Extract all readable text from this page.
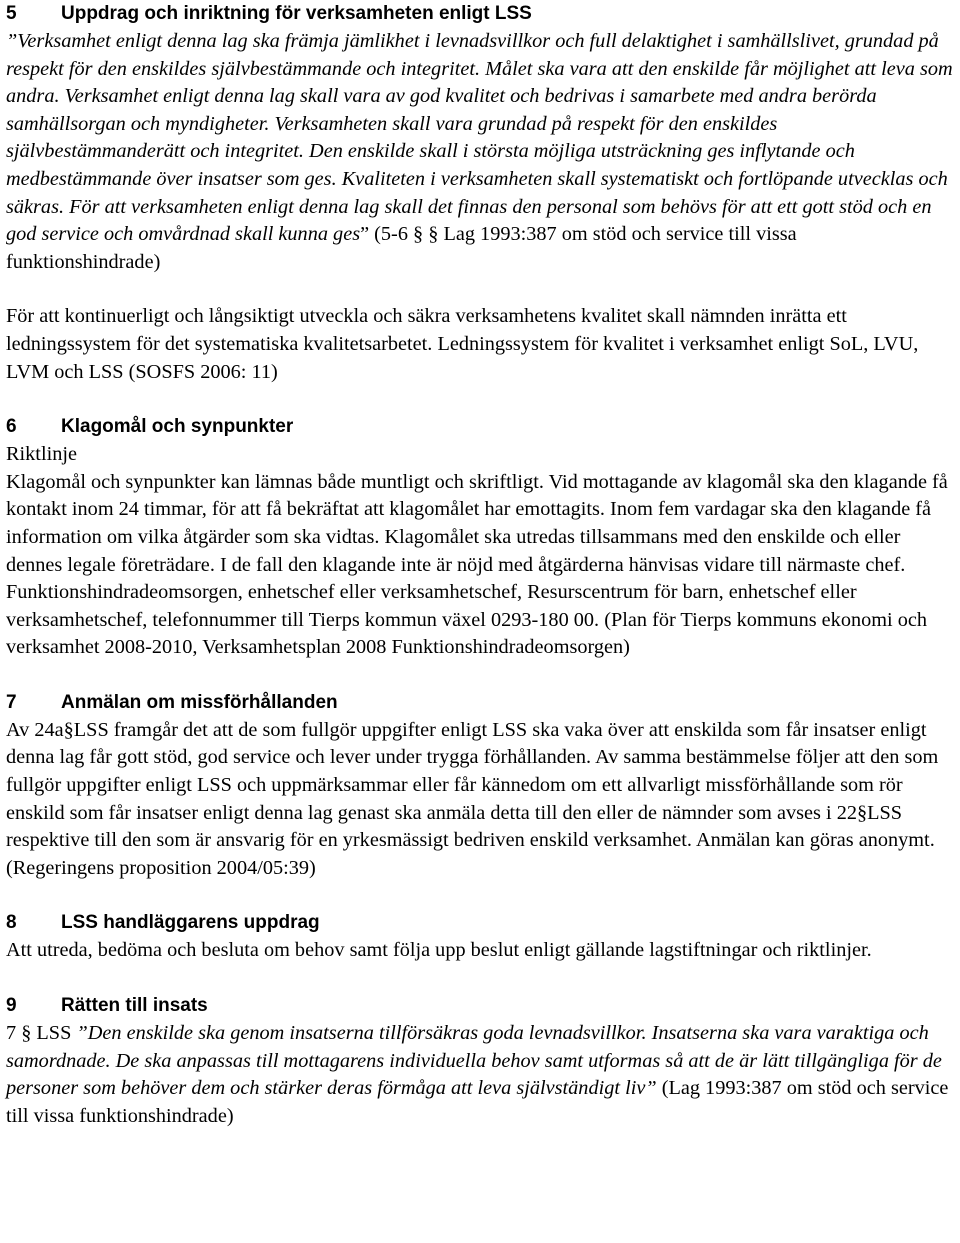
5 Uppdrag och inriktning för verksamheten enligt LSS

”Verksamhet enligt denna lag ska främja jämlikhet i levnadsvillkor och full delaktighet i samhällslivet, grundad på respekt för den enskildes självbestämmande och integritet. Målet ska vara att den enskilde får möjlighet att leva som andra. Verksamhet enligt denna lag skall vara av god kvalitet och bedrivas i samarbete med andra berörda samhällsorgan och myndigheter. Verksamheten skall vara grundad på respekt för den enskildes självbestämmanderätt och integritet. Den enskilde skall i största möjliga utsträckning ges inflytande och medbestämmande över insatser som ges. Kvaliteten i verksamheten skall systematiskt och fortlöpande utvecklas och säkras. För att verksamheten enligt denna lag skall det finnas den personal som behövs för att ett gott stöd och en god service och omvårdnad skall kunna ges” (5-6 § § Lag 1993:387 om stöd och service till vissa funktionshindrade)

För att kontinuerligt och långsiktigt utveckla och säkra verksamhetens kvalitet skall nämnden inrätta ett ledningssystem för det systematiska kvalitetsarbetet. Ledningssystem för kvalitet i verksamhet enligt SoL, LVU, LVM och LSS (SOSFS 2006: 11)

6 Klagomål och synpunkter

Riktlinje

Klagomål och synpunkter kan lämnas både muntligt och skriftligt. Vid mottagande av klagomål ska den klagande få kontakt inom 24 timmar, för att få bekräftat att klagomålet har emottagits. Inom fem vardagar ska den klagande få information om vilka åtgärder som ska vidtas. Klagomålet ska utredas tillsammans med den enskilde och eller dennes legale företrädare. I de fall den klagande inte är nöjd med åtgärderna hänvisas vidare till närmaste chef. Funktionshindradeomsorgen, enhetschef eller verksamhetschef, Resurscentrum för barn, enhetschef eller verksamhetschef, telefonnummer till Tierps kommun växel 0293-180 00. (Plan för Tierps kommuns ekonomi och verksamhet 2008-2010, Verksamhetsplan 2008 Funktionshindradeomsorgen)

7 Anmälan om missförhållanden

Av 24a§LSS framgår det att de som fullgör uppgifter enligt LSS ska vaka över att enskilda som får insatser enligt denna lag får gott stöd, god service och lever under trygga förhållanden. Av samma bestämmelse följer att den som fullgör uppgifter enligt LSS och uppmärksammar eller får kännedom om ett allvarligt missförhållande som rör enskild som får insatser enligt denna lag genast ska anmäla detta till den eller de nämnder som avses i 22§LSS respektive till den som är ansvarig för en yrkesmässigt bedriven enskild verksamhet. Anmälan kan göras anonymt. (Regeringens proposition 2004/05:39)

8 LSS handläggarens uppdrag

Att utreda, bedöma och besluta om behov samt följa upp beslut enligt gällande lagstiftningar och riktlinjer.

9 Rätten till insats

7 § LSS ”Den enskilde ska genom insatserna tillförsäkras goda levnadsvillkor. Insatserna ska vara varaktiga och samordnade. De ska anpassas till mottagarens individuella behov samt utformas så att de är lätt tillgängliga för de personer som behöver dem och stärker deras förmåga att leva självständigt liv” (Lag 1993:387 om stöd och service till vissa funktionshindrade)
